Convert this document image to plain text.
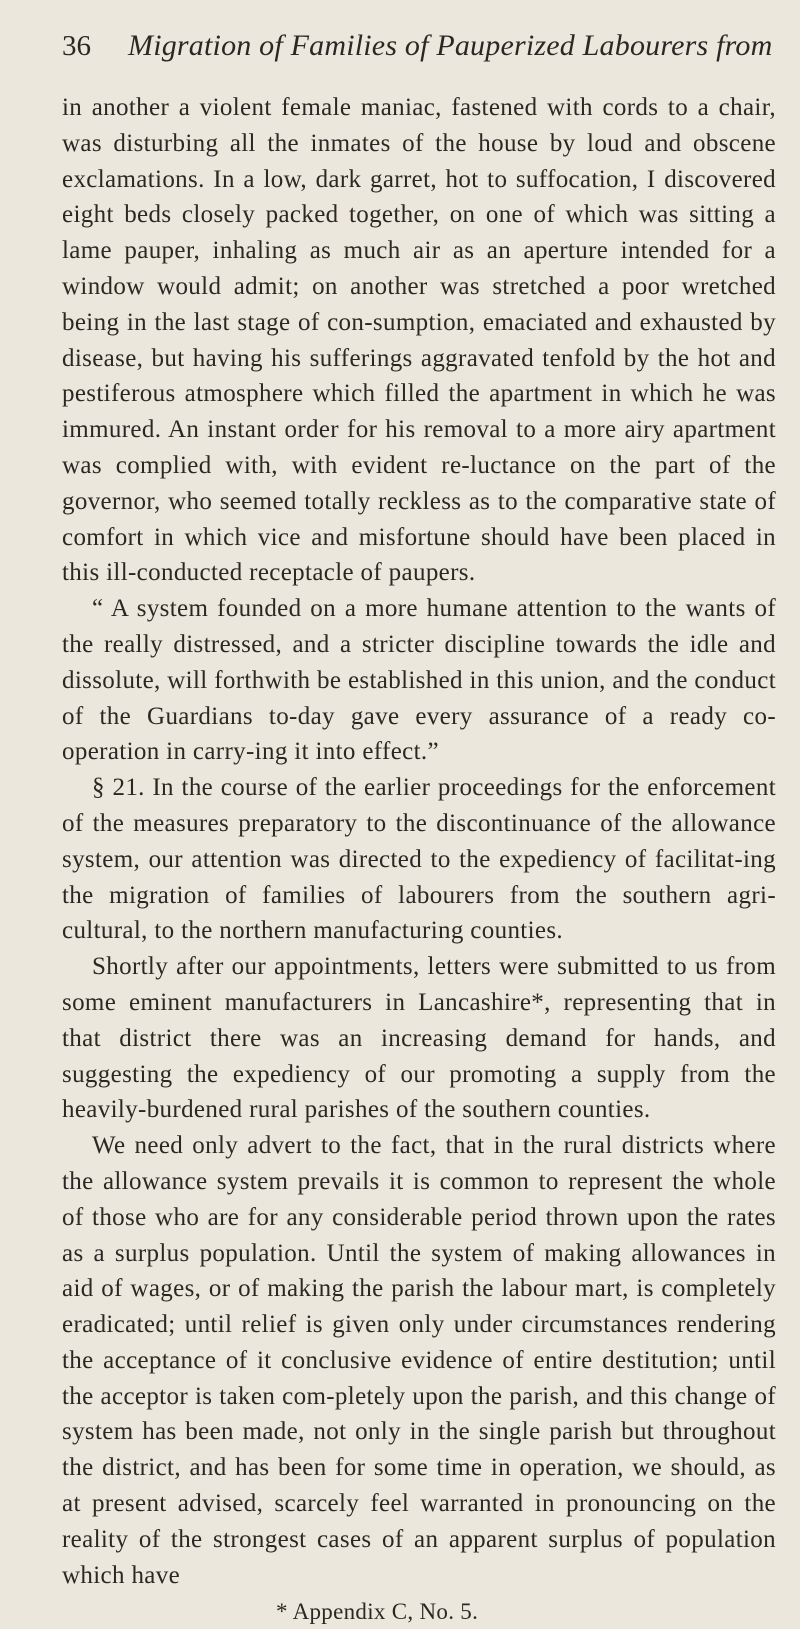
36 Migration of Families of Pauperized Labourers from

in another a violent female maniac, fastened with cords to a chair, was disturbing all the inmates of the house by loud and obscene exclamations. In a low, dark garret, hot to suffocation, I discovered eight beds closely packed together, on one of which was sitting a lame pauper, inhaling as much air as an aperture intended for a window would admit; on another was stretched a poor wretched being in the last stage of con-sumption, emaciated and exhausted by disease, but having his sufferings aggravated tenfold by the hot and pestiferous atmosphere which filled the apartment in which he was immured. An instant order for his removal to a more airy apartment was complied with, with evident re-luctance on the part of the governor, who seemed totally reckless as to the comparative state of comfort in which vice and misfortune should have been placed in this ill-conducted receptacle of paupers.

“ A system founded on a more humane attention to the wants of the really distressed, and a stricter discipline towards the idle and dissolute, will forthwith be established in this union, and the conduct of the Guardians to-day gave every assurance of a ready co-operation in carry-ing it into effect.”

§ 21. In the course of the earlier proceedings for the enforcement of the measures preparatory to the discontinuance of the allowance system, our attention was directed to the expediency of facilitat-ing the migration of families of labourers from the southern agri-cultural, to the northern manufacturing counties.

Shortly after our appointments, letters were submitted to us from some eminent manufacturers in Lancashire*, representing that in that district there was an increasing demand for hands, and suggesting the expediency of our promoting a supply from the heavily-burdened rural parishes of the southern counties.

We need only advert to the fact, that in the rural districts where the allowance system prevails it is common to represent the whole of those who are for any considerable period thrown upon the rates as a surplus population. Until the system of making allowances in aid of wages, or of making the parish the labour mart, is completely eradicated; until relief is given only under circumstances rendering the acceptance of it conclusive evidence of entire destitution; until the acceptor is taken com-pletely upon the parish, and this change of system has been made, not only in the single parish but throughout the district, and has been for some time in operation, we should, as at present advised, scarcely feel warranted in pronouncing on the reality of the strongest cases of an apparent surplus of population which have

* Appendix C, No. 5.
